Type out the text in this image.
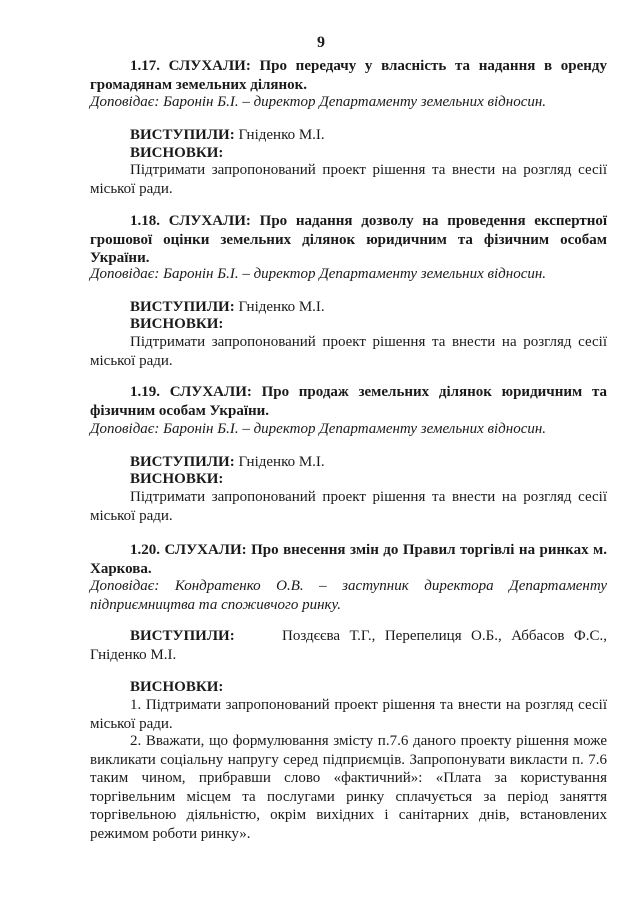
9

1.17. СЛУХАЛИ: Про передачу у власність та надання в оренду громадянам земельних ділянок.

Доповідає: Баронін Б.І. – директор Департаменту земельних відносин.

ВИСТУПИЛИ: Гніденко М.І.

ВИСНОВКИ:

Підтримати запропонований проект рішення та внести на розгляд сесії міської ради.

1.18. СЛУХАЛИ: Про надання дозволу на проведення експертної грошової оцінки земельних ділянок юридичним та фізичним особам України.

Доповідає: Баронін Б.І. – директор Департаменту земельних відносин.

ВИСТУПИЛИ: Гніденко М.І.

ВИСНОВКИ:

Підтримати запропонований проект рішення та внести на розгляд сесії міської ради.

1.19. СЛУХАЛИ: Про продаж земельних ділянок юридичним та фізичним особам України.

Доповідає: Баронін Б.І. – директор Департаменту земельних відносин.

ВИСТУПИЛИ: Гніденко М.І.

ВИСНОВКИ:

Підтримати запропонований проект рішення та внести на розгляд сесії міської ради.

1.20. СЛУХАЛИ: Про внесення змін до Правил торгівлі на ринках м. Харкова.

Доповідає: Кондратенко О.В. – заступник директора Департаменту підприємництва та споживчого ринку.

ВИСТУПИЛИ:	Поздєєва Т.Г., Перепелиця О.Б., Аббасов Ф.С., Гніденко М.І.

ВИСНОВКИ:

1. Підтримати запропонований проект рішення та внести на розгляд сесії міської ради.

2. Вважати, що формулювання змісту п.7.6 даного проекту рішення може викликати соціальну напругу серед підприємців. Запропонувати викласти п. 7.6 таким чином, прибравши слово «фактичний»: «Плата за користування торгівельним місцем та послугами ринку сплачується за період заняття торгівельною діяльністю, окрім вихідних і санітарних днів, встановлених режимом роботи ринку».
